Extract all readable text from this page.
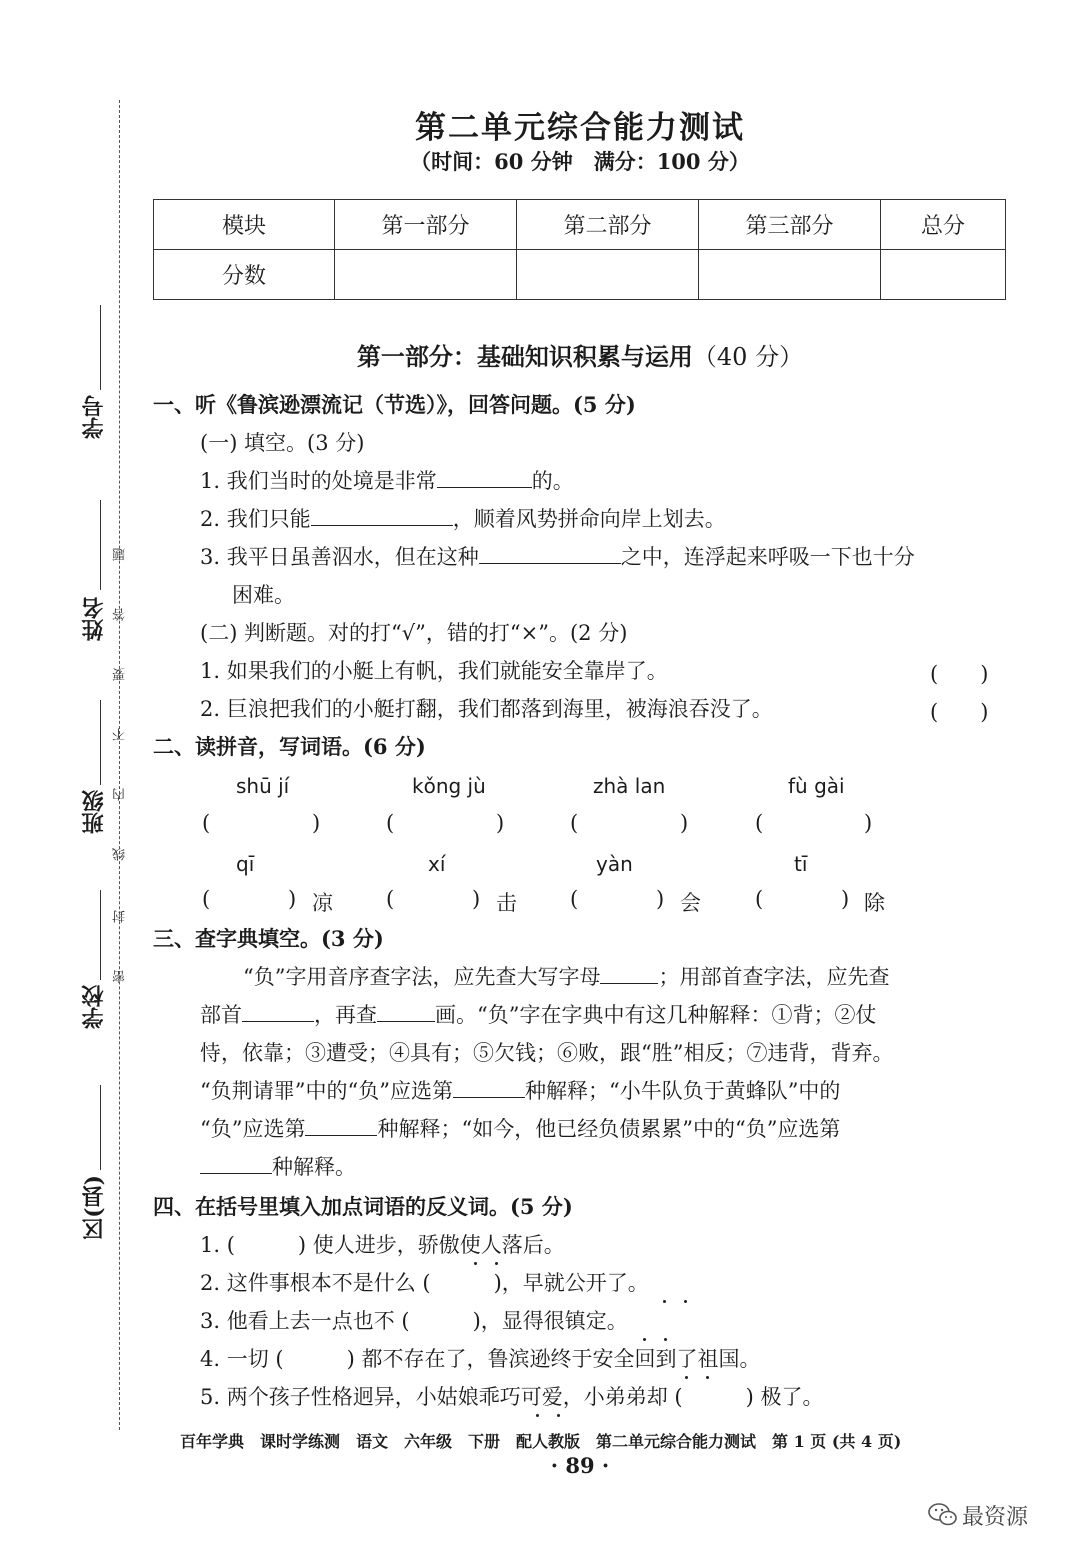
学号
姓名
班级
学校
区(县)
题
答
要
不
内
线
封
密
第二单元综合能力测试
（时间：60 分钟　满分：100 分）
模块	第一部分	第二部分	第三部分	总分
分数				
第一部分：基础知识积累与运用（40 分）
一、听《鲁滨逊漂流记（节选）》，回答问题。(5 分)
(一) 填空。(3 分)
1. 我们当时的处境是非常	的。
2. 我们只能	，顺着风势拼命向岸上划去。
3. 我平日虽善泅水，但在这种	之中，连浮起来呼吸一下也十分
困难。
(二) 判断题。对的打“√”，错的打“×”。(2 分)
1. 如果我们的小艇上有帆，我们就能安全靠岸了。	(　　)
2. 巨浪把我们的小艇打翻，我们都落到海里，被海浪吞没了。	(　　)
二、读拼音，写词语。(6 分)
shū jí	kǒng jù	zhà lan	fù gài
(	)	(	)	(	)	(	)
qī	xí	yàn	tī
(	) 凉	(	) 击	(	) 会	(	) 除
三、查字典填空。(3 分)
“负”字用音序查字法，应先查大写字母	；用部首查字法，应先查
部首	，再查	画。“负”字在字典中有这几种解释：①背；②仗
恃，依靠；③遭受；④具有；⑤欠钱；⑥败，跟“胜”相反；⑦违背，背弃。
“负荆请罪”中的“负”应选第	种解释；“小牛队负于黄蜂队”中的
“负”应选第	种解释；“如今，他已经负债累累”中的“负”应选第
种解释。
四、在括号里填入加点词语的反义词。(5 分)
1. (　　　) 使人进步，骄傲使人落后。
2. 这件事根本不是什么 (　　　)，早就公开了。
3. 他看上去一点也不 (　　　)，显得很镇定。
4. 一切 (　　　) 都不存在了，鲁滨逊终于安全回到了祖国。
5. 两个孩子性格迥异，小姑娘乖巧可爱，小弟弟却 (　　　) 极了。
百年学典　课时学练测　语文　六年级　下册　配人教版　第二单元综合能力测试　第 1 页 (共 4 页)
· 89 ·
最资源
